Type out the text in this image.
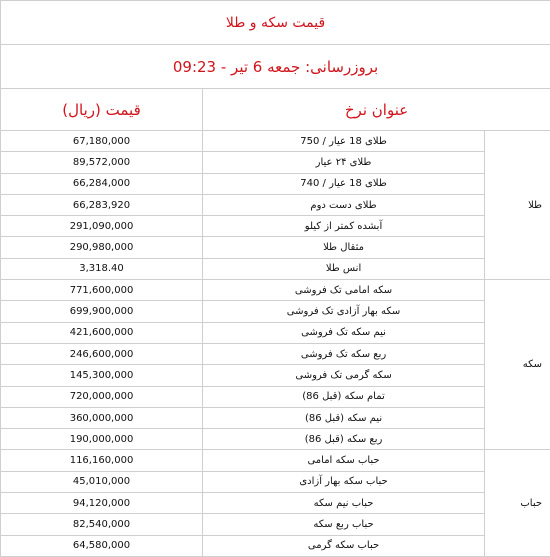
قیمت سکه و طلا		
بروزرسانی: جمعه 6 تیر - 09:23		
عنوان نرخ		قیمت (ریال)
طلا	طلای 18 عیار / 750	67,180,000
	طلای ۲۴ عیار	89,572,000
	طلای 18 عیار / 740	66,284,000
	طلای دست دوم	66,283,920
	آبشده کمتر از کیلو	291,090,000
	مثقال طلا	290,980,000
	انس طلا	3,318.40
سکه	سکه امامی تک فروشی	771,600,000
	سکه بهار آزادی تک فروشی	699,900,000
	نیم سکه تک فروشی	421,600,000
	ربع سکه تک فروشی	246,600,000
	سکه گرمی تک فروشی	145,300,000
	تمام سکه (قبل 86)	720,000,000
	نیم سکه (قبل 86)	360,000,000
	ربع سکه (قبل 86)	190,000,000
حباب	حباب سکه امامی	116,160,000
	حباب سکه بهار آزادی	45,010,000
	حباب نیم سکه	94,120,000
	حباب ربع سکه	82,540,000
	حباب سکه گرمی	64,580,000
